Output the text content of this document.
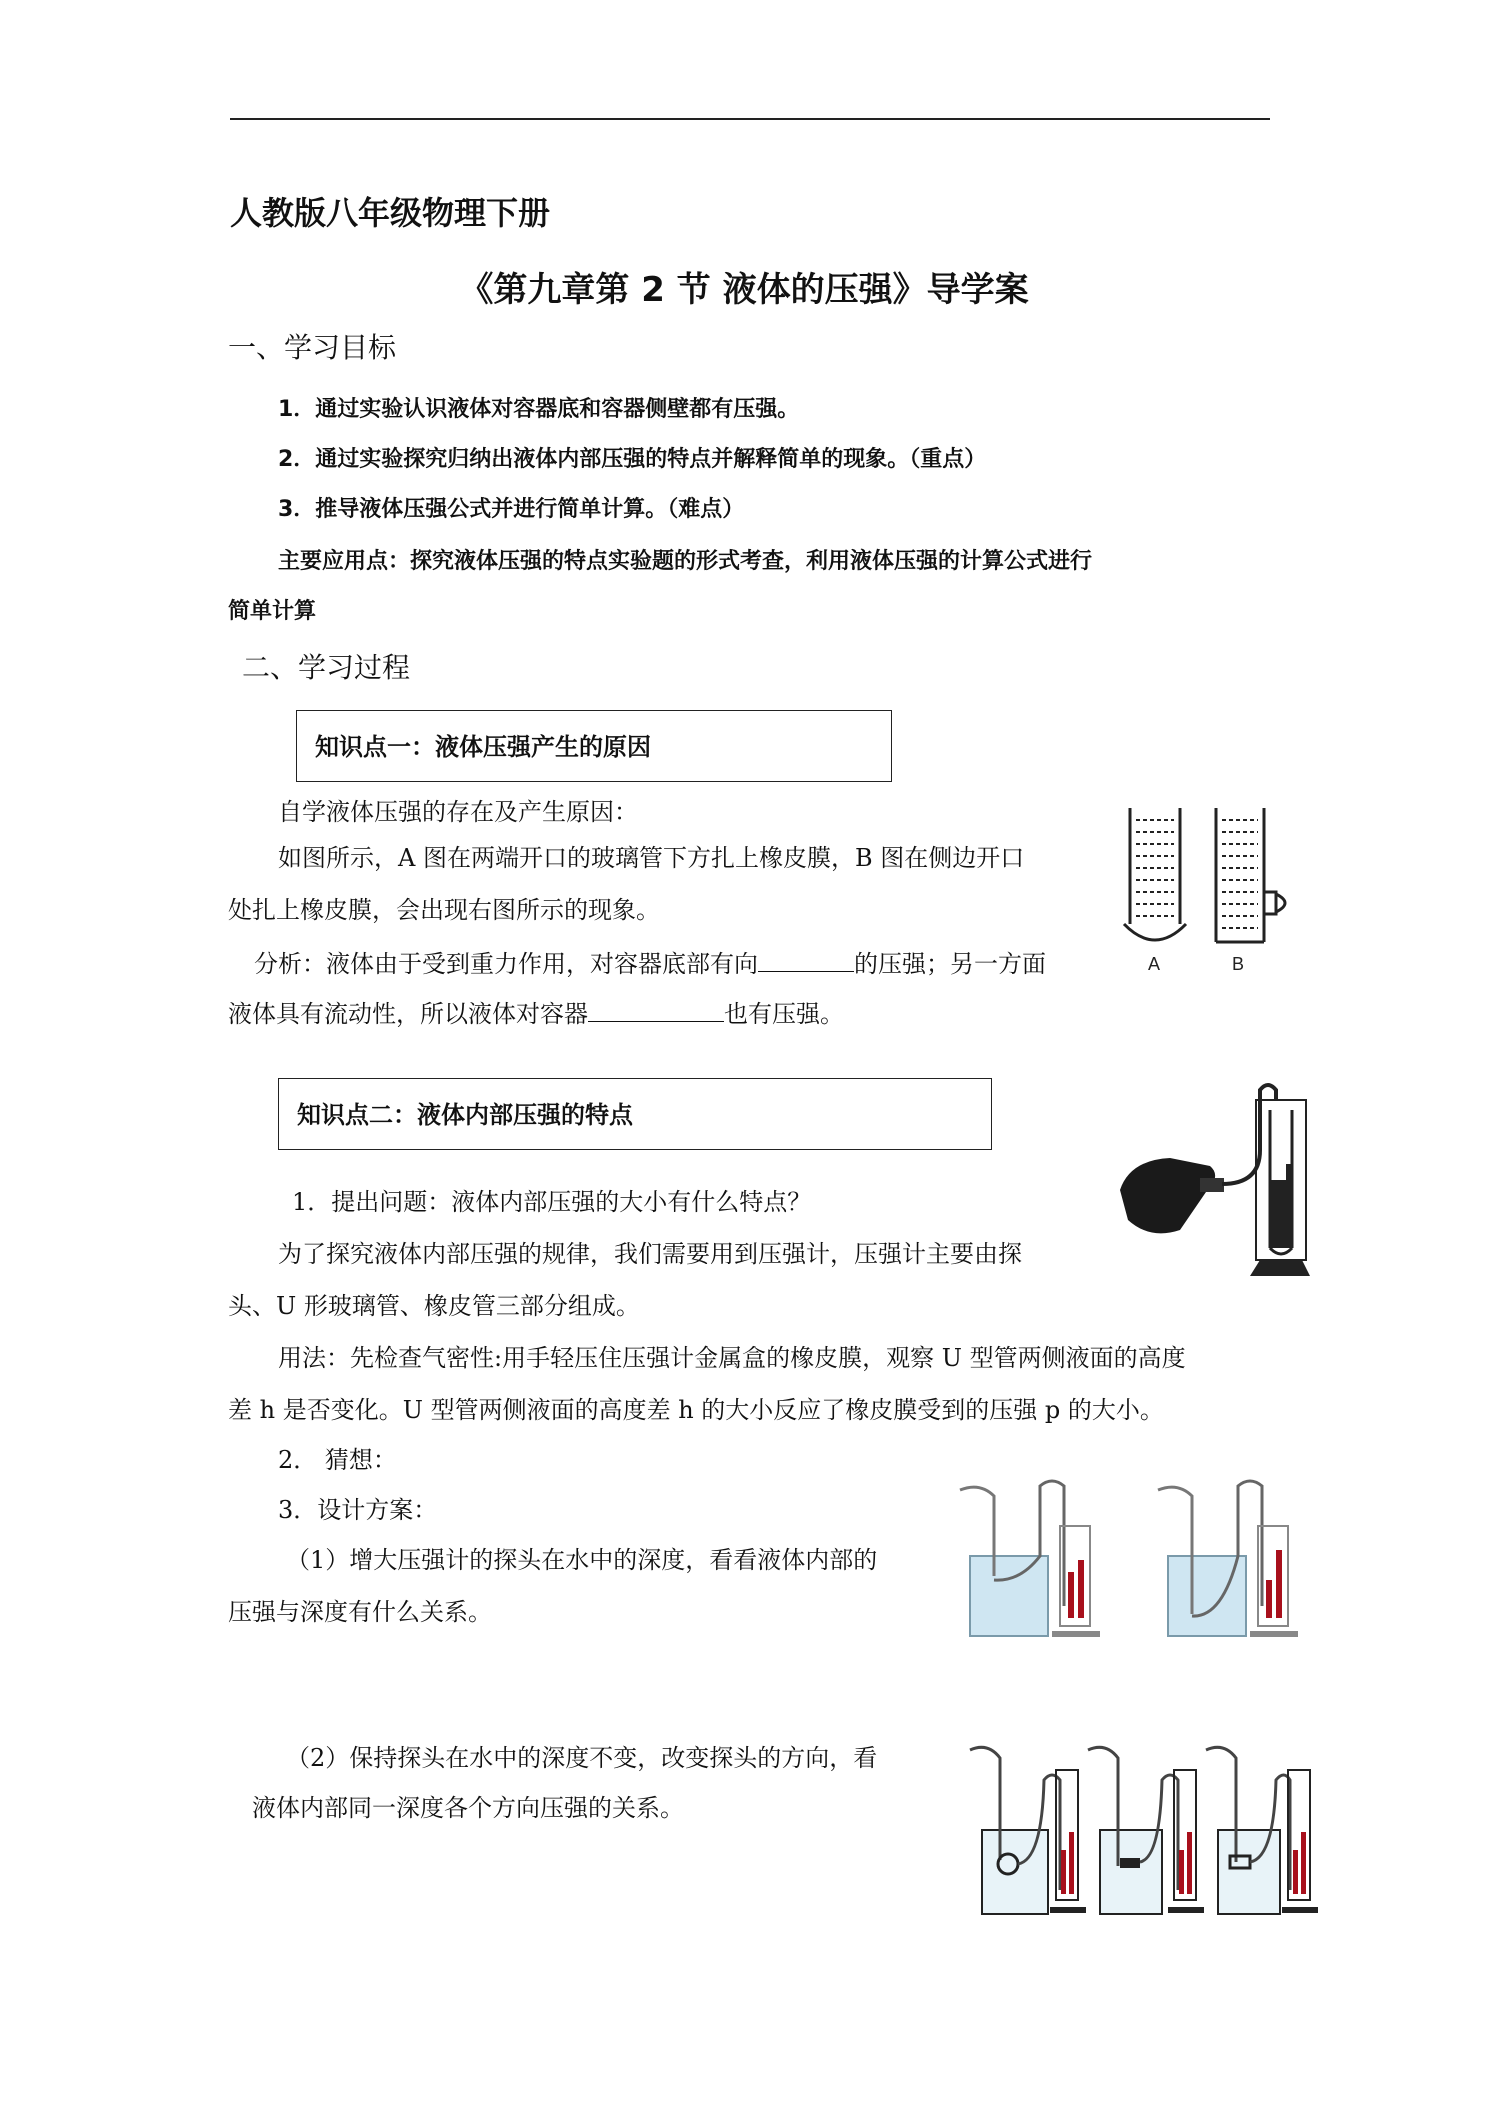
人教版八年级物理下册
《第九章第 2 节 液体的压强》导学案
一、学习目标
1．通过实验认识液体对容器底和容器侧壁都有压强。
2．通过实验探究归纳出液体内部压强的特点并解释简单的现象。（重点）
3．推导液体压强公式并进行简单计算。（难点）
主要应用点：探究液体压强的特点实验题的形式考查，利用液体压强的计算公式进行
简单计算
二、学习过程
知识点一：液体压强产生的原因
自学液体压强的存在及产生原因：
如图所示，A 图在两端开口的玻璃管下方扎上橡皮膜，B 图在侧边开口
处扎上橡皮膜，会出现右图所示的现象。
分析：液体由于受到重力作用，对容器底部有向	的压强；另一方面
液体具有流动性，所以液体对容器	也有压强。
A	B
知识点二：液体内部压强的特点
1．提出问题：液体内部压强的大小有什么特点？
为了探究液体内部压强的规律，我们需要用到压强计，压强计主要由探
头、U 形玻璃管、橡皮管三部分组成。
用法：先检查气密性:用手轻压住压强计金属盒的橡皮膜，观察 U 型管两侧液面的高度
差 h 是否变化。U 型管两侧液面的高度差 h 的大小反应了橡皮膜受到的压强 p 的大小。
2． 猜想：
3．设计方案：
（1）增大压强计的探头在水中的深度，看看液体内部的
压强与深度有什么关系。
（2）保持探头在水中的深度不变，改变探头的方向，看
液体内部同一深度各个方向压强的关系。
